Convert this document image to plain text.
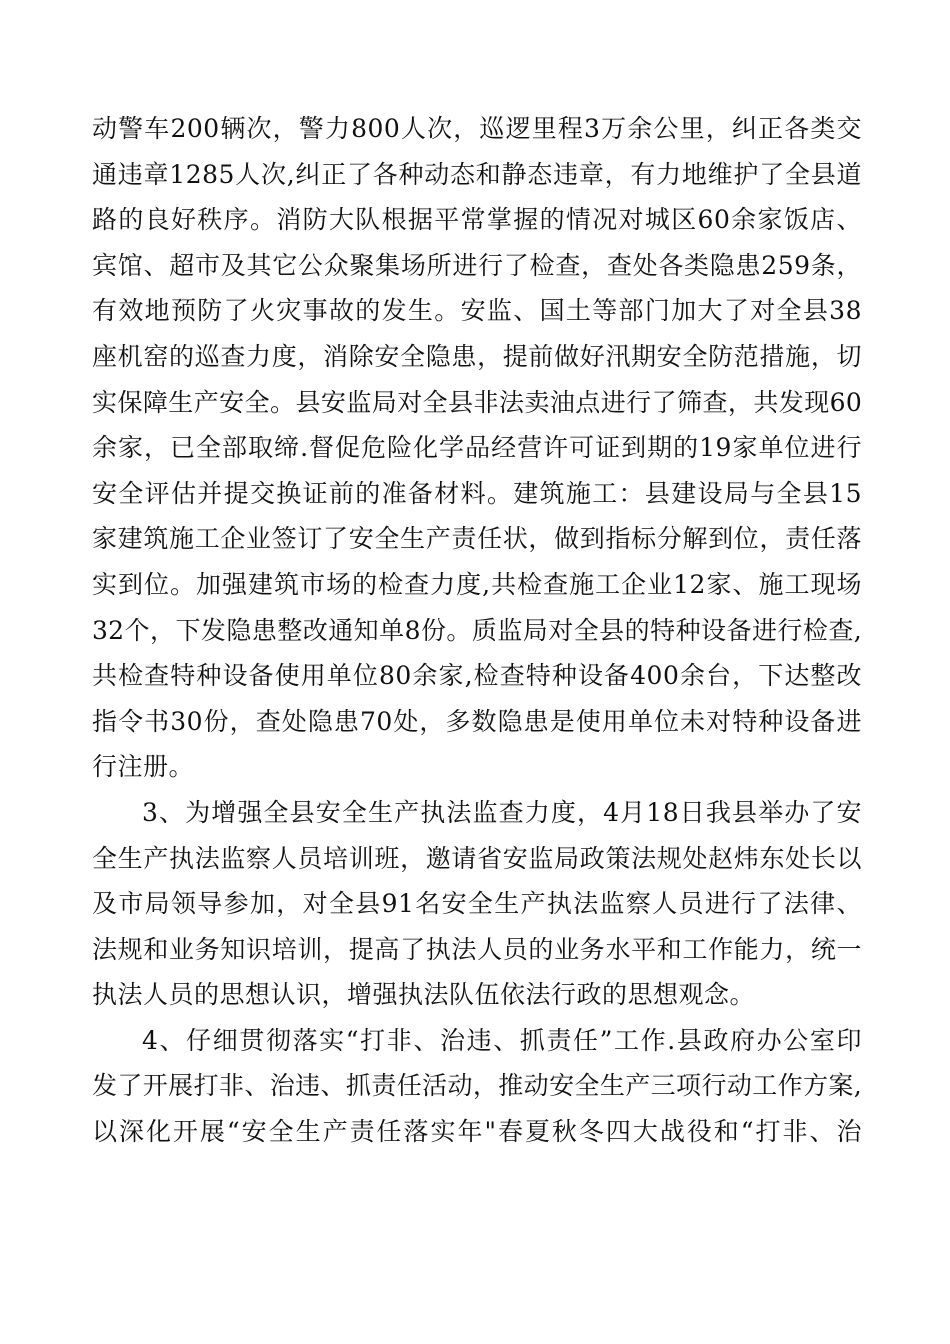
动警车200辆次，警力800人次，巡逻里程3万余公里，纠正各类交
通违章1285人次,纠正了各种动态和静态违章，有力地维护了全县道
路的良好秩序。消防大队根据平常掌握的情况对城区60余家饭店、
宾馆、超市及其它公众聚集场所进行了检查，查处各类隐患259条，
有效地预防了火灾事故的发生。安监、国土等部门加大了对全县38
座机窑的巡查力度，消除安全隐患，提前做好汛期安全防范措施，切
实保障生产安全。县安监局对全县非法卖油点进行了筛查，共发现60
余家，已全部取缔.督促危险化学品经营许可证到期的19家单位进行
安全评估并提交换证前的准备材料。建筑施工：县建设局与全县15
家建筑施工企业签订了安全生产责任状，做到指标分解到位，责任落
实到位。加强建筑市场的检查力度,共检查施工企业12家、施工现场
32个，下发隐患整改通知单8份。质监局对全县的特种设备进行检查,
共检查特种设备使用单位80余家,检查特种设备400余台，下达整改
指令书30份，查处隐患70处，多数隐患是使用单位未对特种设备进
行注册。
3、为增强全县安全生产执法监查力度，4月18日我县举办了安
全生产执法监察人员培训班，邀请省安监局政策法规处赵炜东处长以
及市局领导参加，对全县91名安全生产执法监察人员进行了法律、
法规和业务知识培训，提高了执法人员的业务水平和工作能力，统一
执法人员的思想认识，增强执法队伍依法行政的思想观念。
4、仔细贯彻落实“打非、治违、抓责任”工作.县政府办公室印
发了开展打非、治违、抓责任活动，推动安全生产三项行动工作方案,
以深化开展“安全生产责任落实年"春夏秋冬四大战役和“打非、治
